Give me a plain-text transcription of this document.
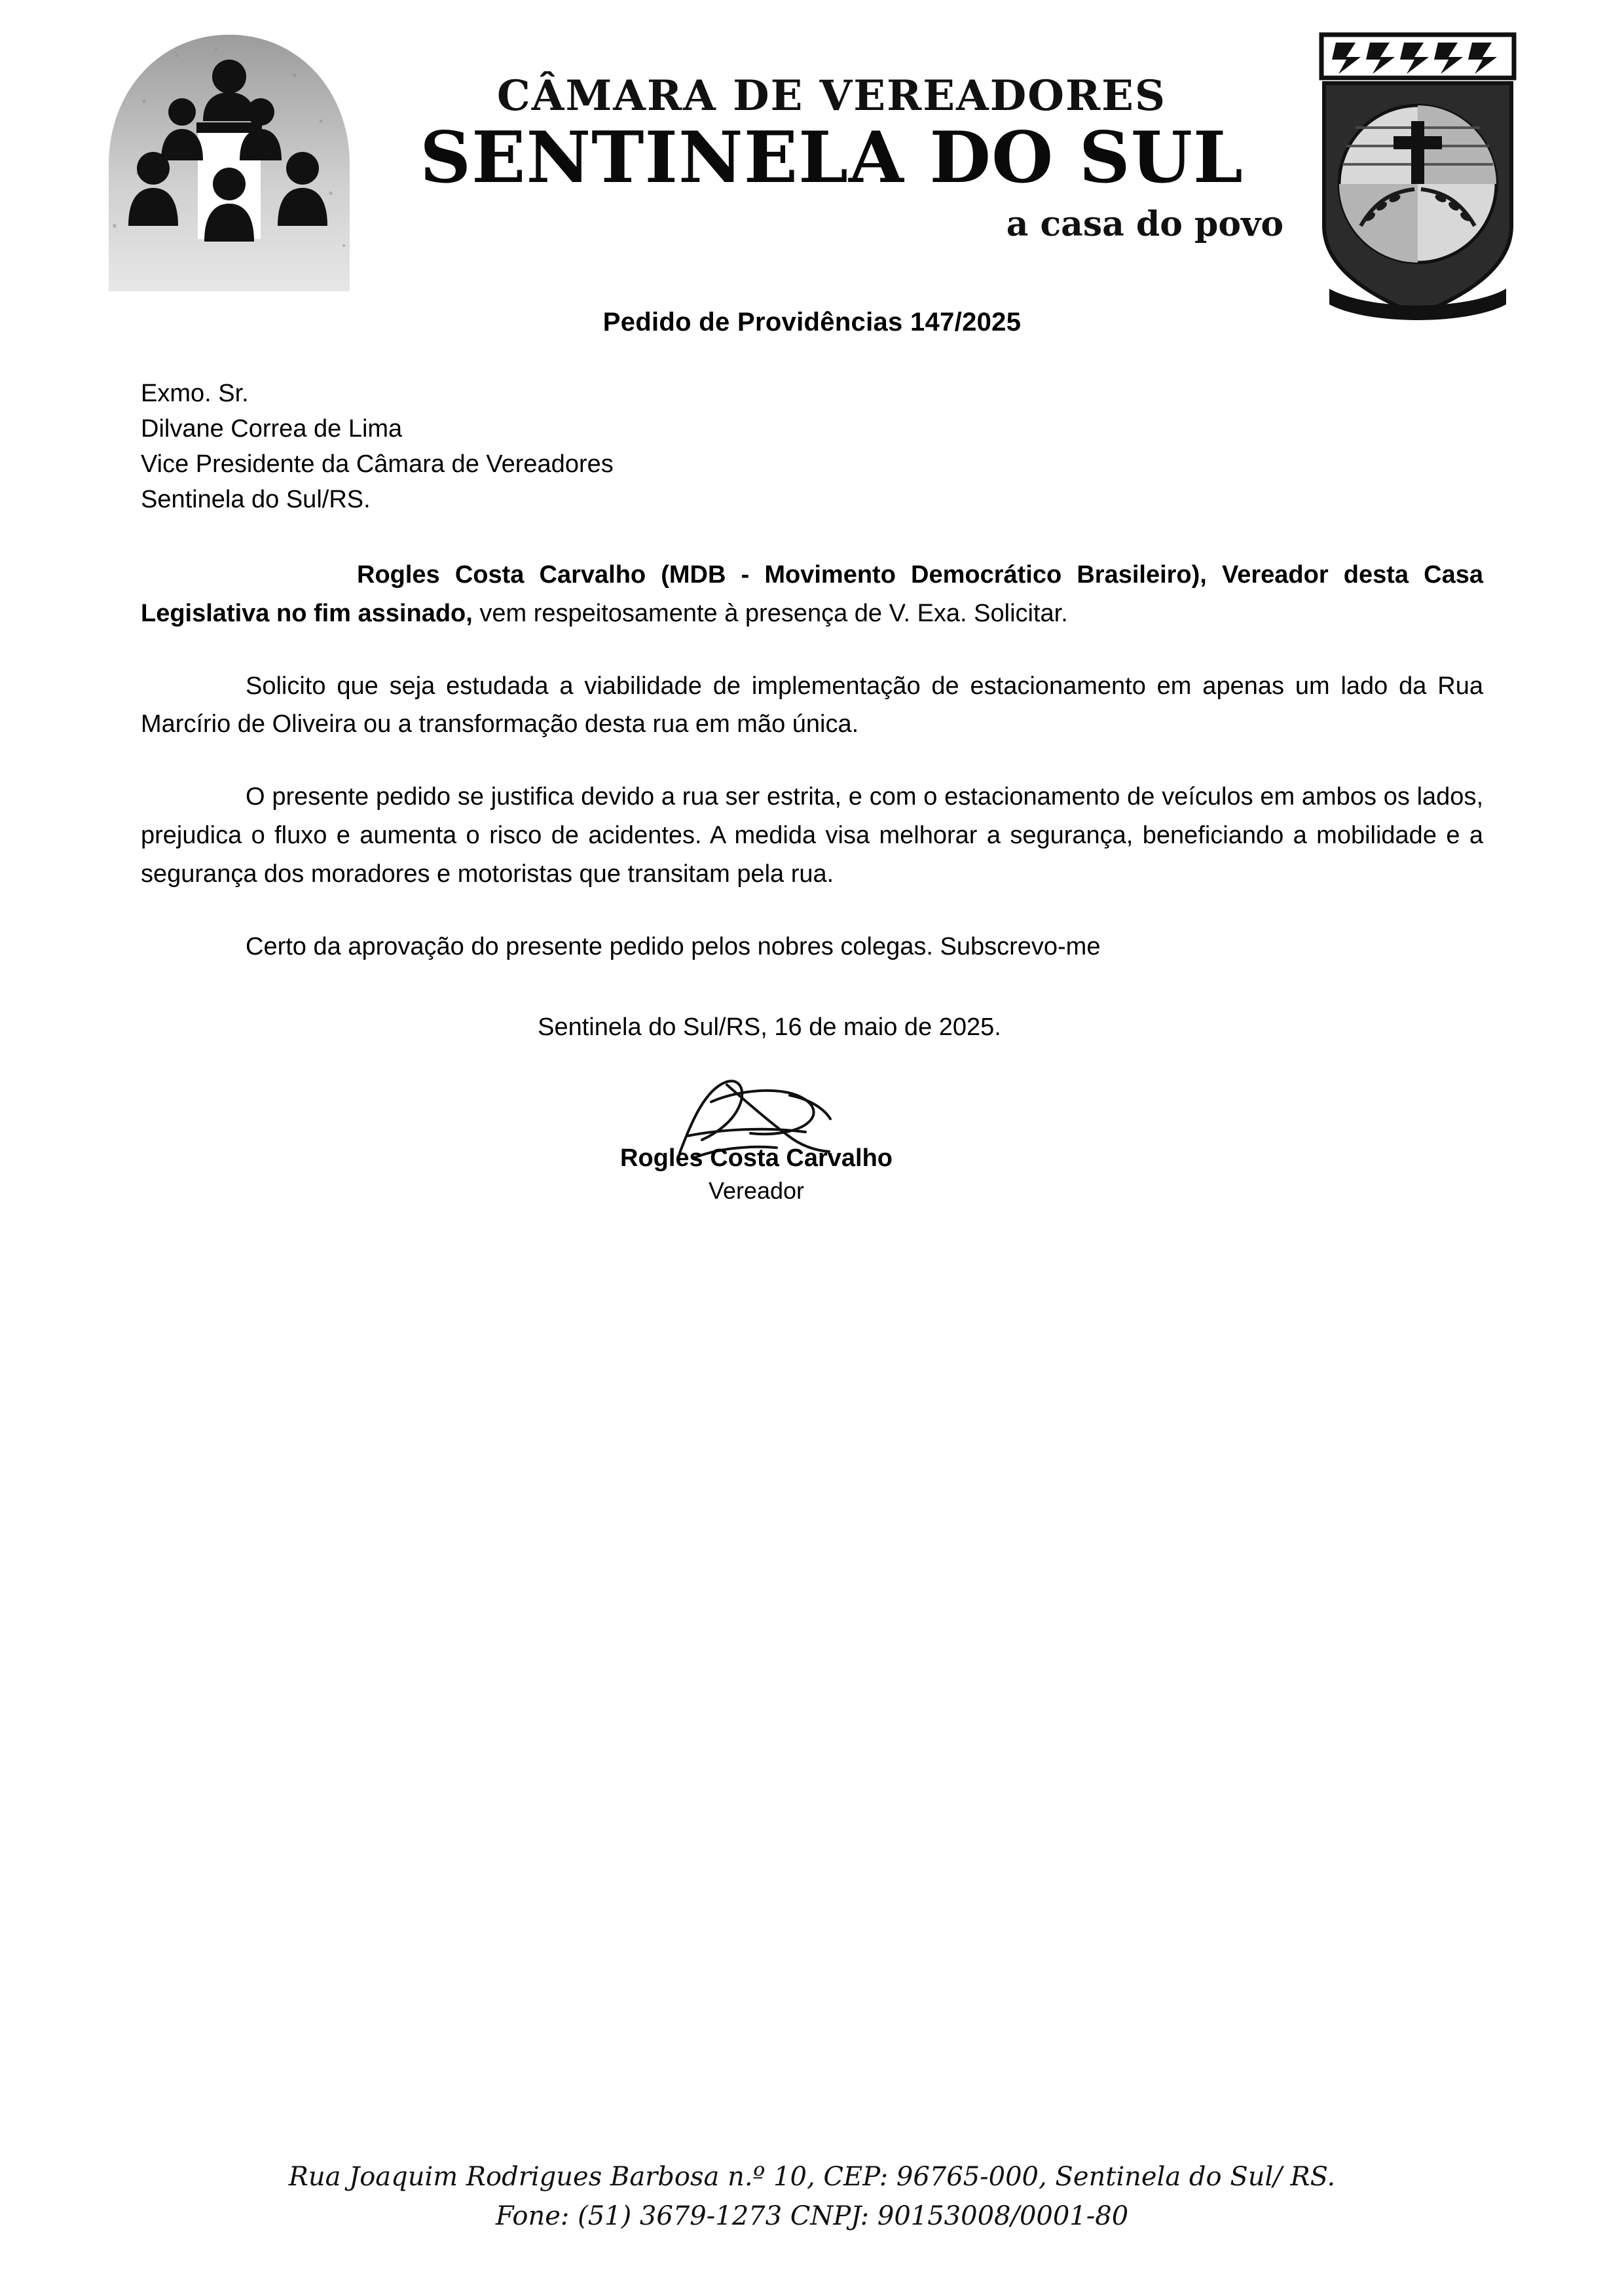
CÂMARA DE VEREADORES
SENTINELA DO SUL
a casa do povo
Pedido de Providências 147/2025
Exmo. Sr.
Dilvane Correa de Lima
Vice Presidente da Câmara de Vereadores
Sentinela do Sul/RS.

Rogles Costa Carvalho (MDB - Movimento Democrático Brasileiro), Vereador desta Casa Legislativa no fim assinado, vem respeitosamente à presença de V. Exa. Solicitar.

Solicito que seja estudada a viabilidade de implementação de estacionamento em apenas um lado da Rua Marcírio de Oliveira ou a transformação desta rua em mão única.

O presente pedido se justifica devido a rua ser estrita, e com o estacionamento de veículos em ambos os lados, prejudica o fluxo e aumenta o risco de acidentes. A medida visa melhorar a segurança, beneficiando a mobilidade e a segurança dos moradores e motoristas que transitam pela rua.

Certo da aprovação do presente pedido pelos nobres colegas. Subscrevo-me

Sentinela do Sul/RS, 16 de maio de 2025.

Rogles Costa Carvalho
Vereador
Rua Joaquim Rodrigues Barbosa n.º 10, CEP: 96765-000, Sentinela do Sul/ RS.
Fone: (51) 3679-1273 CNPJ: 90153008/0001-80
